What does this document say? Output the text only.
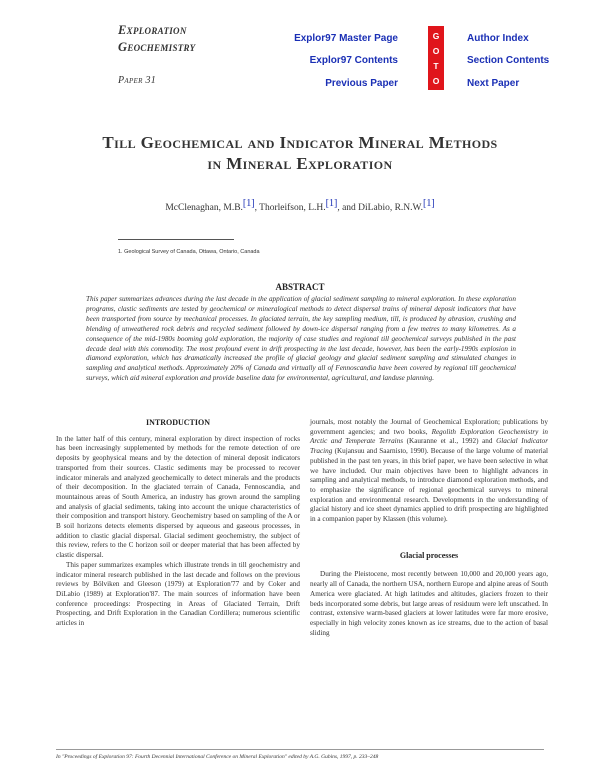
Exploration
Geochemistry
Paper 31
Explor97 Master Page
Explor97 Contents
Previous Paper
G
O
T
O
Author Index
Section Contents
Next Paper
Till Geochemical and Indicator Mineral Methods
in Mineral Exploration
McClenaghan, M.B.[1], Thorleifson, L.H.[1], and DiLabio, R.N.W.[1]
1. Geological Survey of Canada, Ottawa, Ontario, Canada
ABSTRACT
This paper summarizes advances during the last decade in the application of glacial sediment sampling to mineral exploration. In these exploration programs, clastic sediments are tested by geochemical or mineralogical methods to detect dispersal trains of mineral deposit indicators that have been transported from source by mechanical processes. In glaciated terrain, the key sampling medium, till, is produced by abrasion, crushing and blending of unweathered rock debris and recycled sediment followed by down-ice dispersal ranging from a few metres to many kilometres. As a consequence of the mid-1980s booming gold exploration, the majority of case studies and regional till geochemical surveys published in the past decade deal with this commodity. The most profound event in drift prospecting in the last decade, however, has been the early-1990s explosion in diamond exploration, which has dramatically increased the profile of glacial geology and glacial sediment sampling and stimulated changes in sampling and analytical methods. Approximately 20% of Canada and virtually all of Fennoscandia have been covered by regional till geochemical surveys, which aid mineral exploration and provide baseline data for environmental, agricultural, and landuse planning.
INTRODUCTION

In the latter half of this century, mineral exploration by direct inspection of rocks has been increasingly supplemented by methods for the remote detection of ore deposits by geophysical means and by the detection of mineral deposit indicators transported from their sources. Clastic sediments may be processed to recover indicator minerals and analyzed geochemically to detect minerals and the products of their decomposition. In the glaciated terrain of Canada, Fennoscandia, and mountainous areas of South America, an industry has grown around the sampling and analysis of glacial sediments, taking into account the unique characteristics of their composition and transport history. Geochemistry based on sampling of the A or B soil horizons detects elements dispersed by aqueous and gaseous processes, in addition to clastic glacial dispersal. Glacial sediment geochemistry, the subject of this review, refers to the C horizon soil or deeper material that has been affected by clastic dispersal.

This paper summarizes examples which illustrate trends in till geochemistry and indicator mineral research published in the last decade and follows on the previous reviews by Bölviken and Gleeson (1979) at Exploration'77 and by Coker and DiLabio (1989) at Exploration'87. The main sources of information have been conference proceedings: Prospecting in Areas of Glaciated Terrain, Drift Prospecting, and Drift Exploration in the Canadian Cordillera; numerous scientific articles in

journals, most notably the Journal of Geochemical Exploration; publications by government agencies; and two books, Regolith Exploration Geochemistry in Arctic and Temperate Terrains (Kauranne et al., 1992) and Glacial Indicator Tracing (Kujansuu and Saarnisto, 1990). Because of the large volume of material published in the past ten years, in this brief paper, we have been selective in what we have included. Our main objectives have been to highlight advances in sampling and analytical methods, to introduce diamond exploration methods, and to emphasize the significance of regional geochemical surveys to mineral exploration and environmental research. Developments in the understanding of glacial history and ice sheet dynamics applied to drift prospecting are highlighted in a companion paper by Klassen (this volume).

Glacial processes

During the Pleistocene, most recently between 10,000 and 20,000 years ago, nearly all of Canada, the northern USA, northern Europe and alpine areas of South America were glaciated. At high latitudes and altitudes, glaciers frozen to their beds incorporated some debris, but large areas of residuum were left unscathed. In contrast, extensive warm-based glaciers at lower latitudes were far more erosive, especially in high velocity zones known as ice streams, due to the action of basal sliding

In "Proceedings of Exploration 97: Fourth Decennial International Conference on Mineral Exploration" edited by A.G. Gubins, 1997, p. 233–248
